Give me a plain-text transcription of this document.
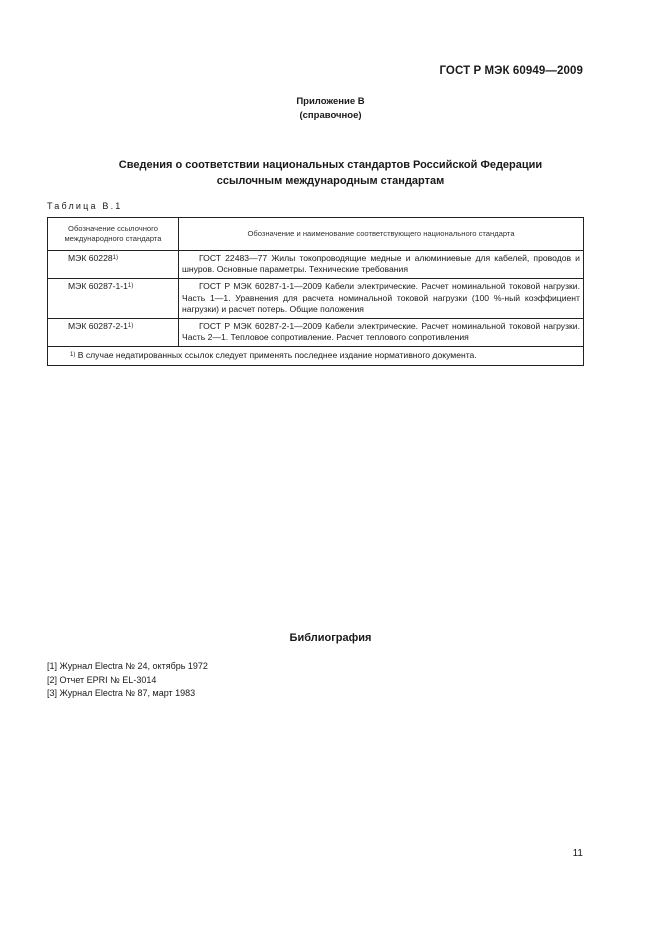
ГОСТ Р МЭК 60949—2009
Приложение В
(справочное)
Сведения о соответствии национальных стандартов Российской Федерации
ссылочным международным стандартам
Таблица В.1
Обозначение ссылочного
международного стандарта	Обозначение и наименование соответствующего национального стандарта
МЭК 60228$^{1)}$	ГОСТ 22483—77 Жилы токопроводящие медные и алюминиевые для кабелей, проводов и шнуров. Основные параметры. Технические требования
МЭК 60287-1-1$^{1)}$	ГОСТ Р МЭК 60287-1-1—2009 Кабели электрические. Расчет номинальной токовой нагрузки. Часть 1—1. Уравнения для расчета номинальной токовой нагрузки (100 %-ный коэффициент нагрузки) и расчет потерь. Общие положения
МЭК 60287-2-1$^{1)}$	ГОСТ Р МЭК 60287-2-1—2009 Кабели электрические. Расчет номинальной токовой нагрузки. Часть 2—1. Тепловое сопротивление. Расчет теплового сопротивления
$^{1)}$ В случае недатированных ссылок следует применять последнее издание нормативного документа.	
Библиография
[1] Журнал Electra № 24, октябрь 1972
[2] Отчет EPRI № EL-3014
[3] Журнал Electra № 87, март 1983
11
